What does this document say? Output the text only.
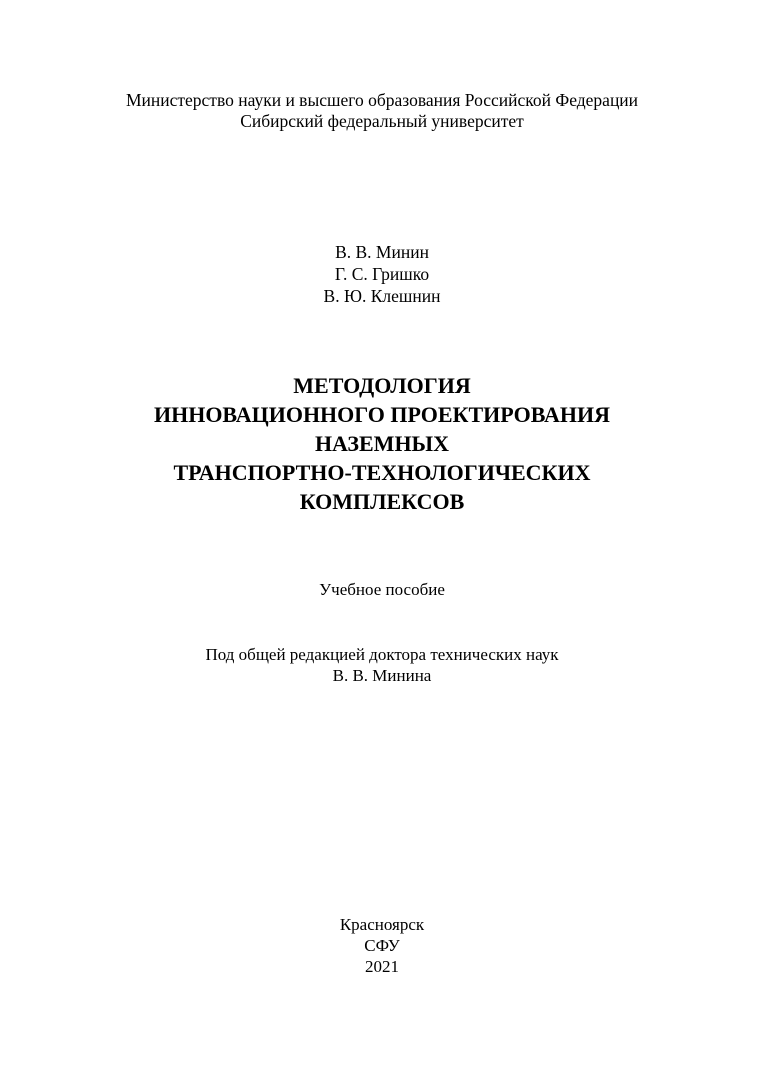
Министерство науки и высшего образования Российской Федерации
Сибирский федеральный университет
В. В. Минин
Г. С. Гришко
В. Ю. Клешнин
МЕТОДОЛОГИЯ
ИННОВАЦИОННОГО ПРОЕКТИРОВАНИЯ
НАЗЕМНЫХ
ТРАНСПОРТНО-ТЕХНОЛОГИЧЕСКИХ
КОМПЛЕКСОВ
Учебное пособие
Под общей редакцией доктора технических наук
В. В. Минина
Красноярск
СФУ
2021
